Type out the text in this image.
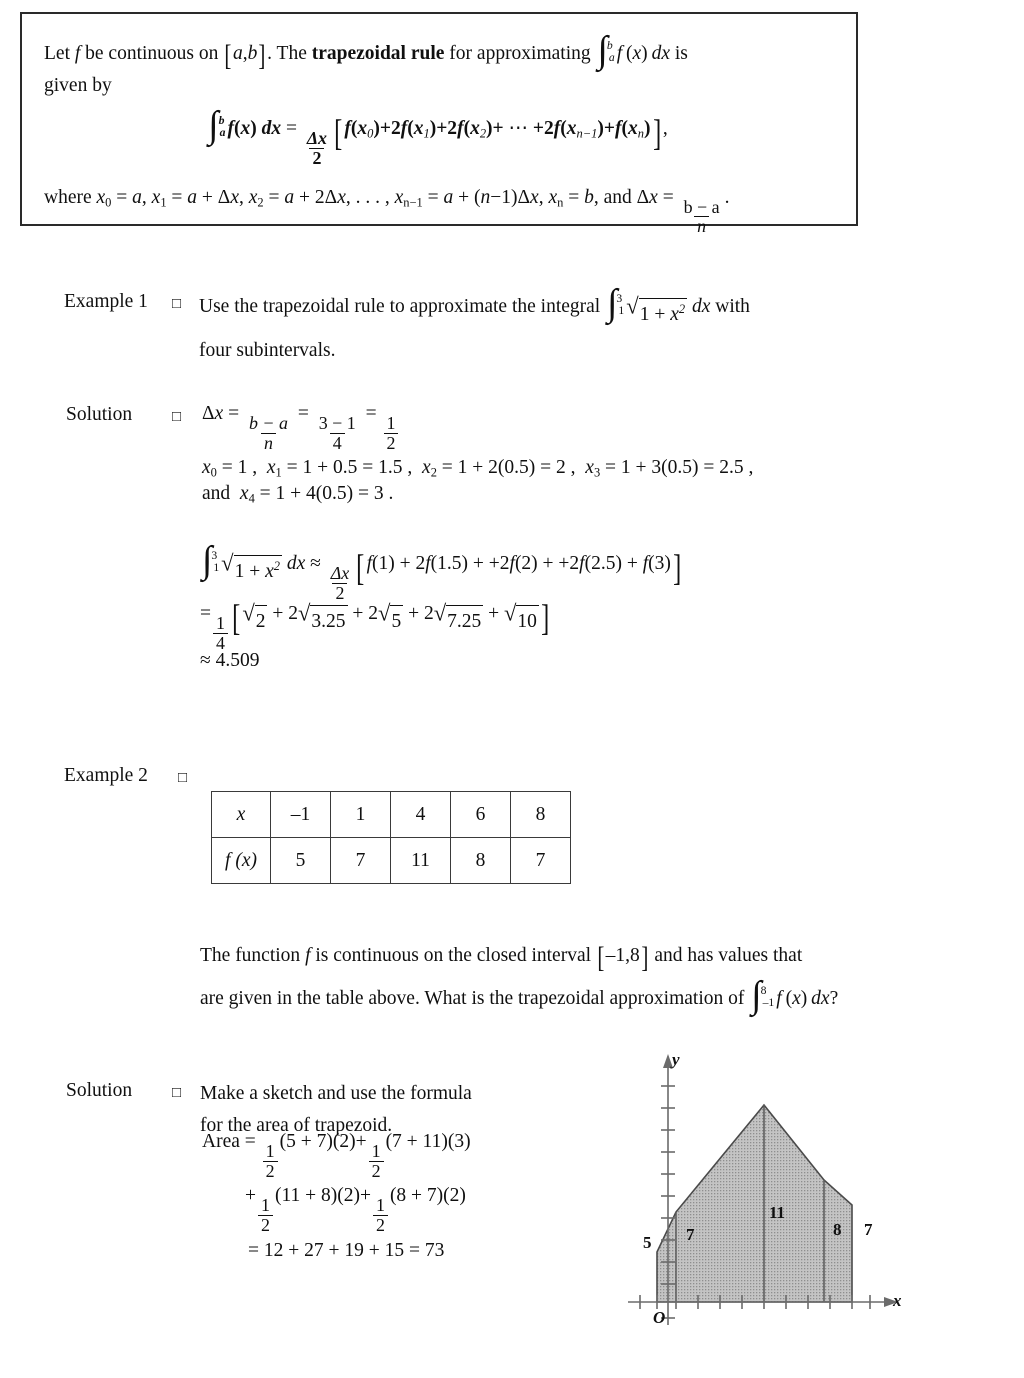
Let f be continuous on [a,b]. The trapezoidal rule for approximating ∫
b
a f (x) dx is
given by
∫ b
a f(x) dx =
$\frac{\Delta x}{2}$ [ $f(x_0)+2f(x_1)+2f(x_2)+$ ⋯ $+2f(x_{n-1})+f(x_n)$] ,
where $x_0 = a$, $x_1 = a + \Delta x$, $x_2 = a + 2\Delta x$, . . . , $x_{n-1} = a + (n-1)\Delta x$, $x_n = b$, and Δx =
$\frac{b - a}{n}$
.
Example 1 □ Use the trapezoidal rule to approximate the integral ∫
3
1 √ $1 + x^2$ dx with
four subintervals.
Solution	□ Δx =
$\frac{b - a}{n}$
=
$\frac{3 - 1}{4}$
=
$\frac{1}{2}$
$x_0 = 1$ ,  $x_1 = 1 + 0.5 = 1.5$ ,  $x_2 = 1 + 2(0.5) = 2$ ,  $x_3 = 1 + 3(0.5) = 2.5$ ,
and  $x_4 = 1 + 4(0.5) = 3$ .
∫
3
1 √ $1 + x^2$ dx ≈
$\frac{\Delta x}{2}$ [ f(1) + 2f(1.5) + +2f(2) + +2f(2.5) + f(3)]
=
$\frac{1}{4}$ [ √ 2 + 2 √ 3.25 + 2 √ 5 + 2 √ 7.25 + √ 10 ]
≈ 4.509
Example 2 □
x	–1	1	4	6	8
f (x)	5	7	11	8	7
The function f is continuous on the closed interval [–1,8] and has values that
are given in the table above. What is the trapezoidal approximation of ∫
8
–1 f (x) dx?
Solution	□ Make a sketch and use the formula
for the area of trapezoid.
Area =
$\frac{1}{2}$
(5 + 7)(2)+
$\frac{1}{2}$
(7 + 11)(3)
+
$\frac{1}{2}$
(11 + 8)(2)+
$\frac{1}{2}$
(8 + 7)(2)
= 12 + 27 + 19 + 15 = 73
x
y
O
5 7
11
8 7
